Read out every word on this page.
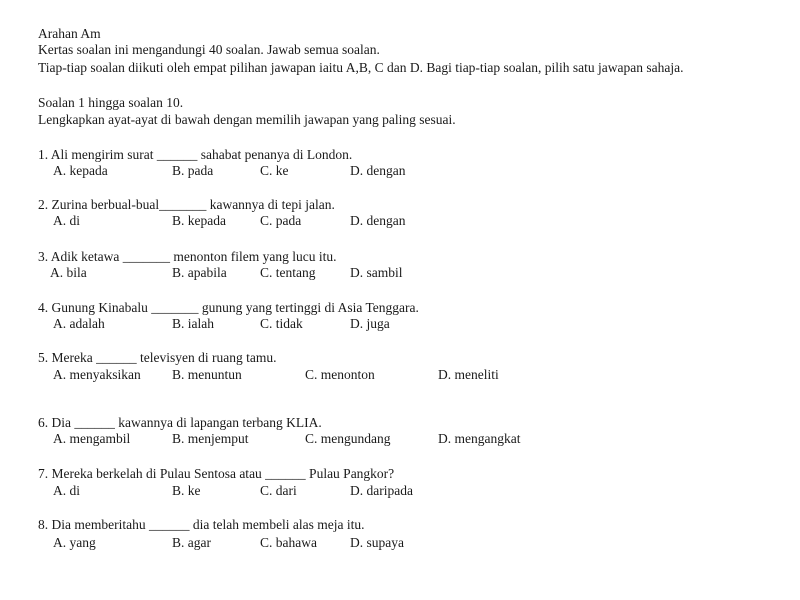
Arahan Am
Kertas soalan ini mengandungi 40 soalan. Jawab semua soalan.
Tiap-tiap soalan diikuti oleh empat pilihan jawapan iaitu A,B, C dan D. Bagi tiap-tiap soalan, pilih satu jawapan sahaja.
Soalan 1 hingga soalan 10.
Lengkapkan ayat-ayat di bawah dengan memilih jawapan yang paling sesuai.
1. Ali mengirim surat ______ sahabat penanya di London.
A. kepada	B. pada	C. ke	D. dengan
2. Zurina berbual-bual_______ kawannya di tepi jalan.
A. di	B. kepada	C. pada	D. dengan
3. Adik ketawa _______ menonton filem yang lucu itu.
A. bila	B. apabila C. tentang	D. sambil
4. Gunung Kinabalu _______ gunung yang tertinggi di Asia Tenggara.
A. adalah	B. ialah	C. tidak	D. juga
5. Mereka ______ televisyen di ruang tamu.
A. menyaksikan B. menuntun	C. menonton	D. meneliti
6. Dia ______ kawannya di lapangan terbang KLIA.
A. mengambil	B. menjemput	C. mengundang	D. mengangkat
7. Mereka berkelah di Pulau Sentosa atau ______ Pulau Pangkor?
A. di	B. ke	C. dari	D. daripada
8. Dia memberitahu ______ dia telah membeli alas meja itu.
A. yang	B. agar	C. bahawa D. supaya
